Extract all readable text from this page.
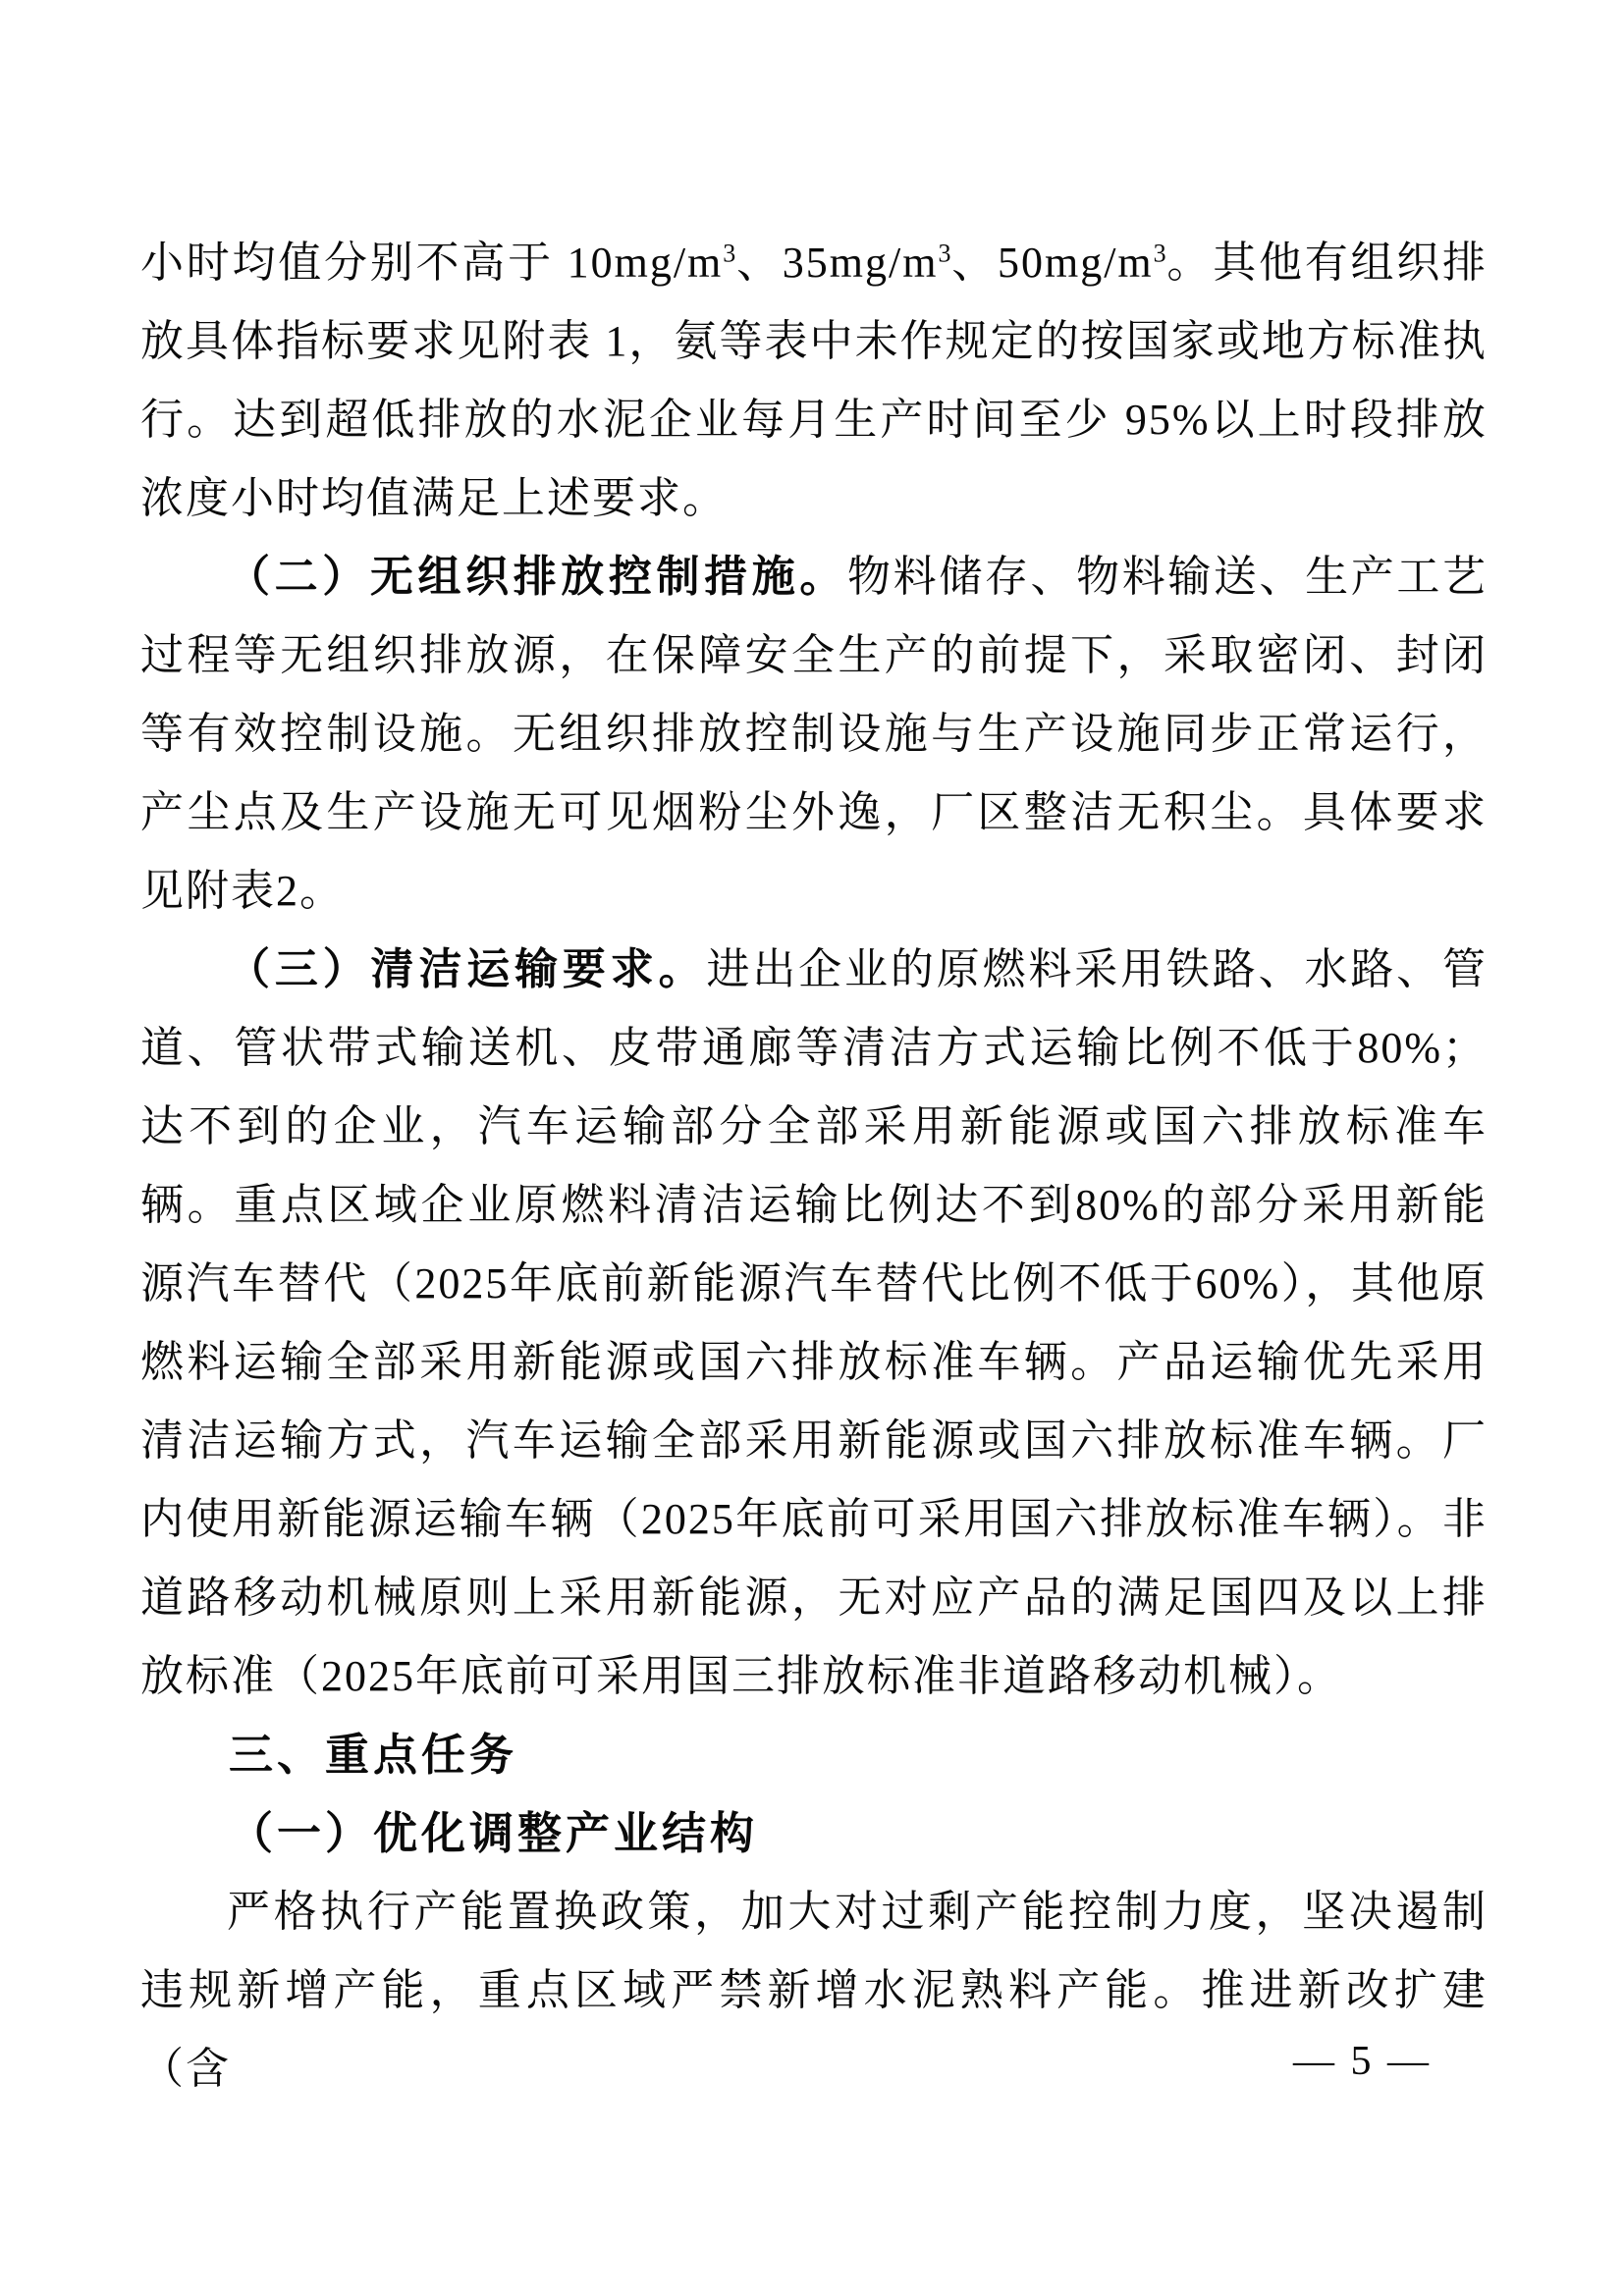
小时均值分别不高于 $10mg/m^3$、$35mg/m^3$、$50mg/m^3$。其他有组织排放具体指标要求见附表 1，氨等表中未作规定的按国家或地方标准执行。达到超低排放的水泥企业每月生产时间至少 95%以上时段排放浓度小时均值满足上述要求。

（二）无组织排放控制措施。物料储存、物料输送、生产工艺过程等无组织排放源，在保障安全生产的前提下，采取密闭、封闭等有效控制设施。无组织排放控制设施与生产设施同步正常运行，产尘点及生产设施无可见烟粉尘外逸，厂区整洁无积尘。具体要求见附表2。

（三）清洁运输要求。进出企业的原燃料采用铁路、水路、管道、管状带式输送机、皮带通廊等清洁方式运输比例不低于80%；达不到的企业，汽车运输部分全部采用新能源或国六排放标准车辆。重点区域企业原燃料清洁运输比例达不到80%的部分采用新能源汽车替代（2025年底前新能源汽车替代比例不低于60%），其他原燃料运输全部采用新能源或国六排放标准车辆。产品运输优先采用清洁运输方式，汽车运输全部采用新能源或国六排放标准车辆。厂内使用新能源运输车辆（2025年底前可采用国六排放标准车辆）。非道路移动机械原则上采用新能源，无对应产品的满足国四及以上排放标准（2025年底前可采用国三排放标准非道路移动机械）。

三、重点任务

（一）优化调整产业结构

严格执行产能置换政策，加大对过剩产能控制力度，坚决遏制违规新增产能，重点区域严禁新增水泥熟料产能。推进新改扩建（含	— 5 —
